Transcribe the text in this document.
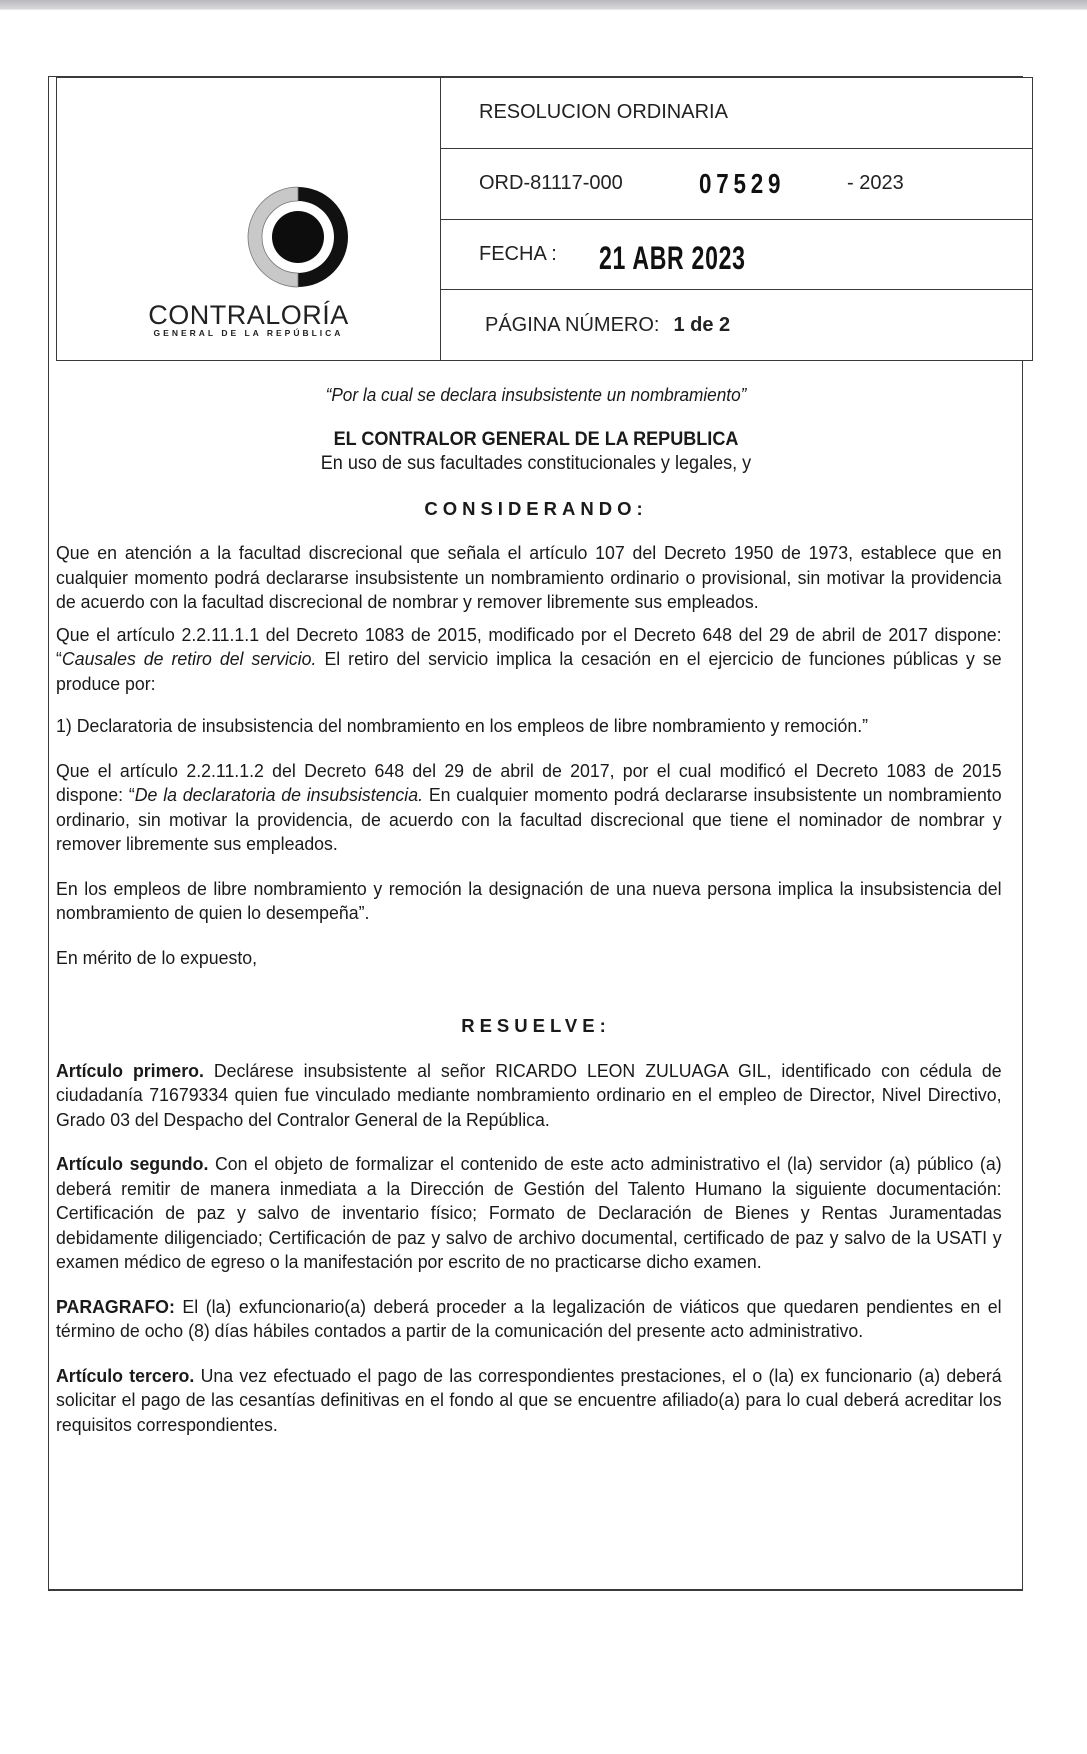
CONTRALORÍA
GENERAL DE LA REPÚBLICA
RESOLUCION ORDINARIA
ORD-81117-000	07529	- 2023
FECHA : 21 ABR 2023
PÁGINA NÚMERO: 1 de 2
“Por la cual se declara insubsistente un nombramiento”
EL CONTRALOR GENERAL DE LA REPUBLICA
En uso de sus facultades constitucionales y legales, y
CONSIDERANDO:

Que en atención a la facultad discrecional que señala el artículo 107 del Decreto 1950 de 1973, establece que en cualquier momento podrá declararse insubsistente un nombramiento ordinario o provisional, sin motivar la providencia de acuerdo con la facultad discrecional de nombrar y remover libremente sus empleados.

Que el artículo 2.2.11.1.1 del Decreto 1083 de 2015, modificado por el Decreto 648 del 29 de abril de 2017 dispone: “Causales de retiro del servicio. El retiro del servicio implica la cesación en el ejercicio de funciones públicas y se produce por:

1) Declaratoria de insubsistencia del nombramiento en los empleos de libre nombramiento y remoción.”

Que el artículo 2.2.11.1.2 del Decreto 648 del 29 de abril de 2017, por el cual modificó el Decreto 1083 de 2015 dispone: “De la declaratoria de insubsistencia. En cualquier momento podrá declararse insubsistente un nombramiento ordinario, sin motivar la providencia, de acuerdo con la facultad discrecional que tiene el nominador de nombrar y remover libremente sus empleados.

En los empleos de libre nombramiento y remoción la designación de una nueva persona implica la insubsistencia del nombramiento de quien lo desempeña”.

En mérito de lo expuesto,

RESUELVE:

Artículo primero. Declárese insubsistente al señor RICARDO LEON ZULUAGA GIL, identificado con cédula de ciudadanía 71679334 quien fue vinculado mediante nombramiento ordinario en el empleo de Director, Nivel Directivo, Grado 03 del Despacho del Contralor General de la República.

Artículo segundo. Con el objeto de formalizar el contenido de este acto administrativo el (la) servidor (a) público (a) deberá remitir de manera inmediata a la Dirección de Gestión del Talento Humano la siguiente documentación: Certificación de paz y salvo de inventario físico; Formato de Declaración de Bienes y Rentas Juramentadas debidamente diligenciado; Certificación de paz y salvo de archivo documental, certificado de paz y salvo de la USATI y examen médico de egreso o la manifestación por escrito de no practicarse dicho examen.

PARAGRAFO: El (la) exfuncionario(a) deberá proceder a la legalización de viáticos que quedaren pendientes en el término de ocho (8) días hábiles contados a partir de la comunicación del presente acto administrativo.

Artículo tercero. Una vez efectuado el pago de las correspondientes prestaciones, el o (la) ex funcionario (a) deberá solicitar el pago de las cesantías definitivas en el fondo al que se encuentre afiliado(a) para lo cual deberá acreditar los requisitos correspondientes.
